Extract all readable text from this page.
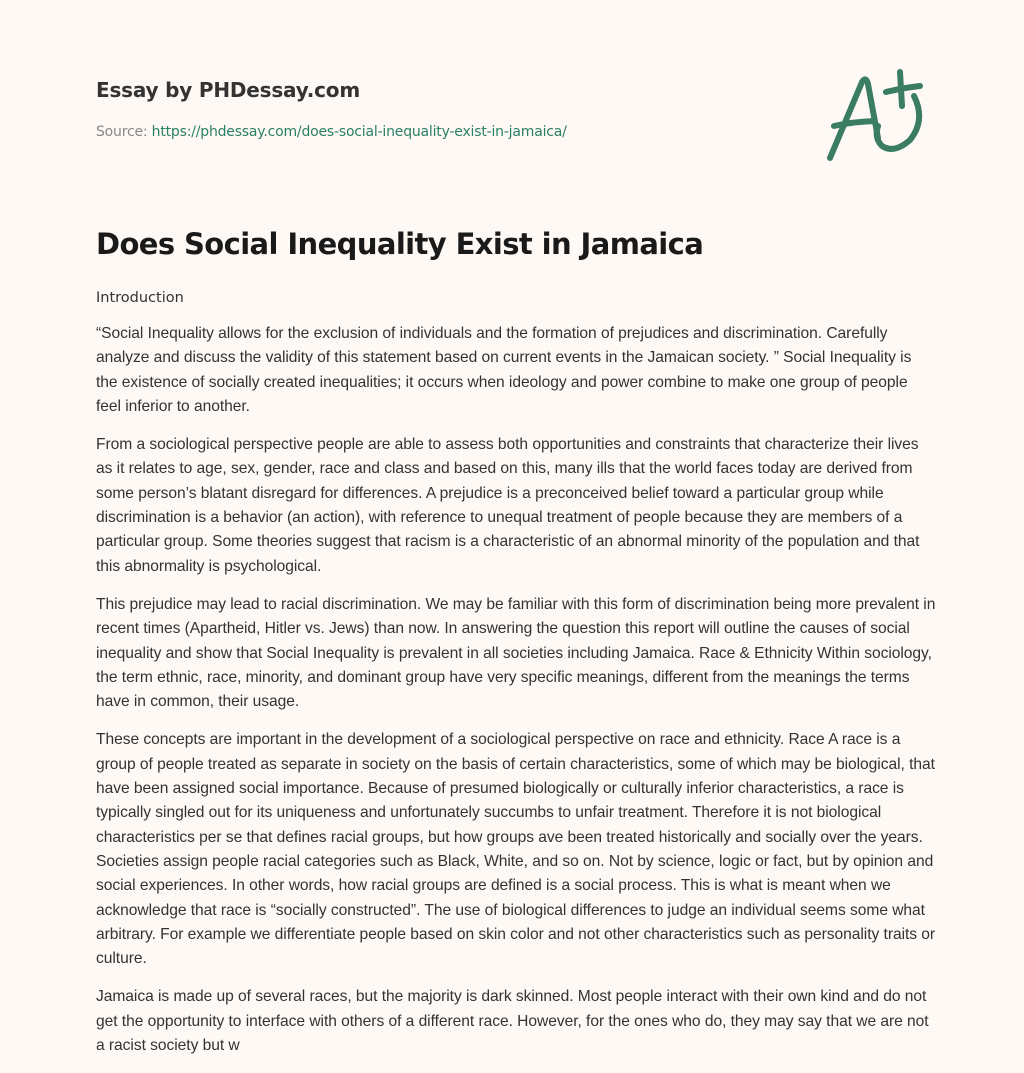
Essay by PHDessay.com
Source: https://phdessay.com/does-social-inequality-exist-in-jamaica/
Does Social Inequality Exist in Jamaica

Introduction

“Social Inequality allows for the exclusion of individuals and the formation of prejudices and discrimination. Carefully analyze and discuss the validity of this statement based on current events in the Jamaican society. ” Social Inequality is the existence of socially created inequalities; it occurs when ideology and power combine to make one group of people feel inferior to another.

From a sociological perspective people are able to assess both opportunities and constraints that characterize their lives as it relates to age, sex, gender, race and class and based on this, many ills that the world faces today are derived from some person’s blatant disregard for differences. A prejudice is a preconceived belief toward a particular group while discrimination is a behavior (an action), with reference to unequal treatment of people because they are members of a particular group. Some theories suggest that racism is a characteristic of an abnormal minority of the population and that this abnormality is psychological.

This prejudice may lead to racial discrimination. We may be familiar with this form of discrimination being more prevalent in recent times (Apartheid, Hitler vs. Jews) than now. In answering the question this report will outline the causes of social inequality and show that Social Inequality is prevalent in all societies including Jamaica. Race & Ethnicity Within sociology, the term ethnic, race, minority, and dominant group have very specific meanings, different from the meanings the terms have in common, their usage.

These concepts are important in the development of a sociological perspective on race and ethnicity. Race A race is a group of people treated as separate in society on the basis of certain characteristics, some of which may be biological, that have been assigned social importance. Because of presumed biologically or culturally inferior characteristics, a race is typically singled out for its uniqueness and unfortunately succumbs to unfair treatment. Therefore it is not biological characteristics per se that defines racial groups, but how groups ave been treated historically and socially over the years. Societies assign people racial categories such as Black, White, and so on. Not by science, logic or fact, but by opinion and social experiences. In other words, how racial groups are defined is a social process. This is what is meant when we acknowledge that race is “socially constructed”. The use of biological differences to judge an individual seems some what arbitrary. For example we differentiate people based on skin color and not other characteristics such as personality traits or culture.

Jamaica is made up of several races, but the majority is dark skinned. Most people interact with their own kind and do not get the opportunity to interface with others of a different race. However, for the ones who do, they may say that we are not a racist society but w
